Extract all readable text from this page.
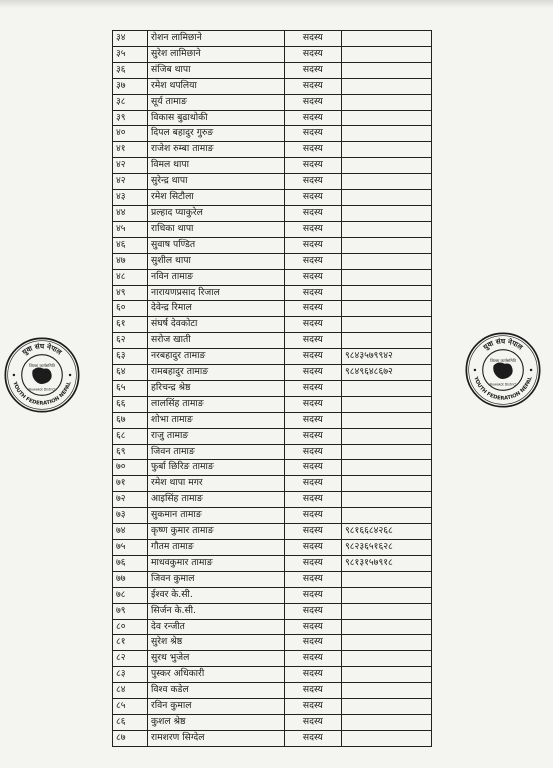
३४	रोशन लामिछाने	सदस्य	
३५	सुरेश लामिछाने	सदस्य	
३६	संजिब थापा	सदस्य	
३७	रमेश थपलिया	सदस्य	
३८	सूर्य तामाङ	सदस्य	
३९	विकास बुढाथोकी	सदस्य	
४०	दिपल बहादुर गुरुङ	सदस्य	
४१	राजेश रुम्बा तामाङ	सदस्य	
४२	विमल थापा	सदस्य	
४२	सुरेन्द्र थापा	सदस्य	
४३	रमेश सिटौला	सदस्य	
४४	प्रल्हाद प्याकुरेल	सदस्य	
४५	राधिका थापा	सदस्य	
४६	सुवाष पण्डित	सदस्य	
४७	सुशील थापा	सदस्य	
४८	नविन तामाङ	सदस्य	
४९	नारायणप्रसाद रिजाल	सदस्य	
६०	देवेन्द्र रिमाल	सदस्य	
६१	संघर्ष देवकोटा	सदस्य	
६२	सरोज खाती	सदस्य	
६३	नरबहादुर तामाङ	सदस्य	९८४३५७९९४२
६४	रामबहादुर तामाङ	सदस्य	९८४९६४८६७२
६५	हरिचन्द्र श्रेष्ठ	सदस्य	
६६	लालसिंह तामाङ	सदस्य	
६७	शोभा तामाङ	सदस्य	
६८	राजु तामाङ	सदस्य	
६९	जिवन तामाङ	सदस्य	
७०	फुर्बा छिरिङ तामाङ	सदस्य	
७१	रमेश थापा मगर	सदस्य	
७२	आइसिंह तामाङ	सदस्य	
७३	सुकमान तामाङ	सदस्य	
७४	कृष्ण कुमार तामाङ	सदस्य	९८१६६८४२६८
७५	गौतम तामाङ	सदस्य	९८२३६५१६२८
७६	माधवकुमार तामाङ	सदस्य	९८१३१५७९१८
७७	जिवन कुमाल	सदस्य	
७८	ईश्वर के.सी.	सदस्य	
७९	सिर्जन के.सी.	सदस्य	
८०	देव रन्जीत	सदस्य	
८१	सुरेश श्रेष्ठ	सदस्य	
८२	सुरथ भुजेल	सदस्य	
८३	पुस्कर अधिकारी	सदस्य	
८४	विश्व कडेल	सदस्य	
८५	रविन कुमाल	सदस्य	
८६	कुशल श्रेष्ठ	सदस्य	
८७	रामशरण सिग्देल	सदस्य	
युवा संघ नेपाल
YOUTH FEDERATION NEPAL
जिल्ला कार्यसमिति
Nuwakot District
युवा संघ नेपाल
YOUTH FEDERATION NEPAL
जिल्ला कार्यसमिति
Nuwakot District
